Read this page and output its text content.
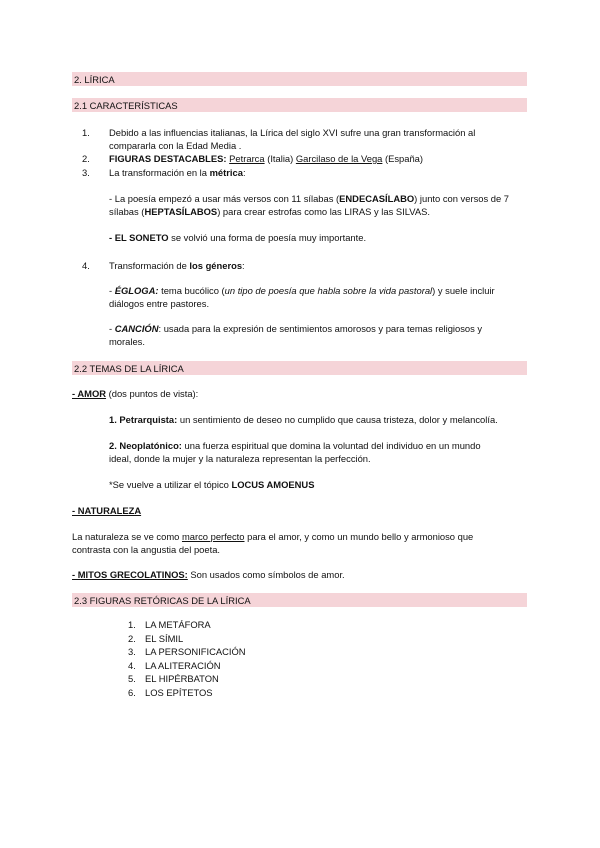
2. LÍRICA
2.1 CARACTERÍSTICAS
1. Debido a las influencias italianas, la Lírica del siglo XVI sufre una gran transformación al
compararla con la Edad Media .
2. FIGURAS DESTACABLES: Petrarca (Italia) Garcilaso de la Vega (España)
3. La transformación en la métrica:
- La poesía empezó a usar más versos con 11 sílabas (ENDECASÍLABO) junto con versos de 7
sílabas (HEPTASÍLABOS) para crear estrofas como las LIRAS y las SILVAS.
- EL SONETO se volvió una forma de poesía muy importante.
4. Transformación de los géneros:
- ÉGLOGA: tema bucólico (un tipo de poesía que habla sobre la vida pastoral) y suele incluir
diálogos entre pastores.
- CANCIÓN: usada para la expresión de sentimientos amorosos y para temas religiosos y
morales.
2.2 TEMAS DE LA LÍRICA
- AMOR (dos puntos de vista):
1. Petrarquista: un sentimiento de deseo no cumplido que causa tristeza, dolor y melancolía.
2. Neoplatónico: una fuerza espiritual que domina la voluntad del individuo en un mundo
ideal, donde la mujer y la naturaleza representan la perfección.
*Se vuelve a utilizar el tópico LOCUS AMOENUS
- NATURALEZA
La naturaleza se ve como marco perfecto para el amor, y como un mundo bello y armonioso que
contrasta con la angustia del poeta.
- MITOS GRECOLATINOS: Son usados como símbolos de amor.
2.3 FIGURAS RETÓRICAS DE LA LÍRICA
1. LA METÁFORA
2. EL SÍMIL
3. LA PERSONIFICACIÓN
4. LA ALITERACIÓN
5. EL HIPÉRBATON
6. LOS EPÍTETOS
